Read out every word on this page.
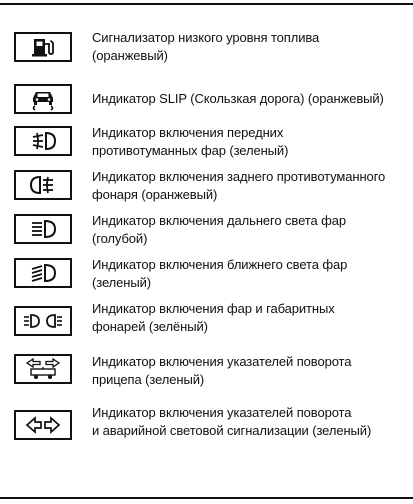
Сигнализатор низкого уровня топлива
(оранжевый)
Индикатор SLIP (Скользкая дорога) (оранжевый)
Индикатор включения передних
противотуманных фар (зеленый)
Индикатор включения заднего противотуманного
фонаря (оранжевый)
Индикатор включения дальнего света фар
(голубой)
Индикатор включения ближнего света фар
(зеленый)
Индикатор включения фар и габаритных
фонарей (зелёный)
Индикатор включения указателей поворота
прицепа (зеленый)
Индикатор включения указателей поворота
и аварийной световой сигнализации (зеленый)
